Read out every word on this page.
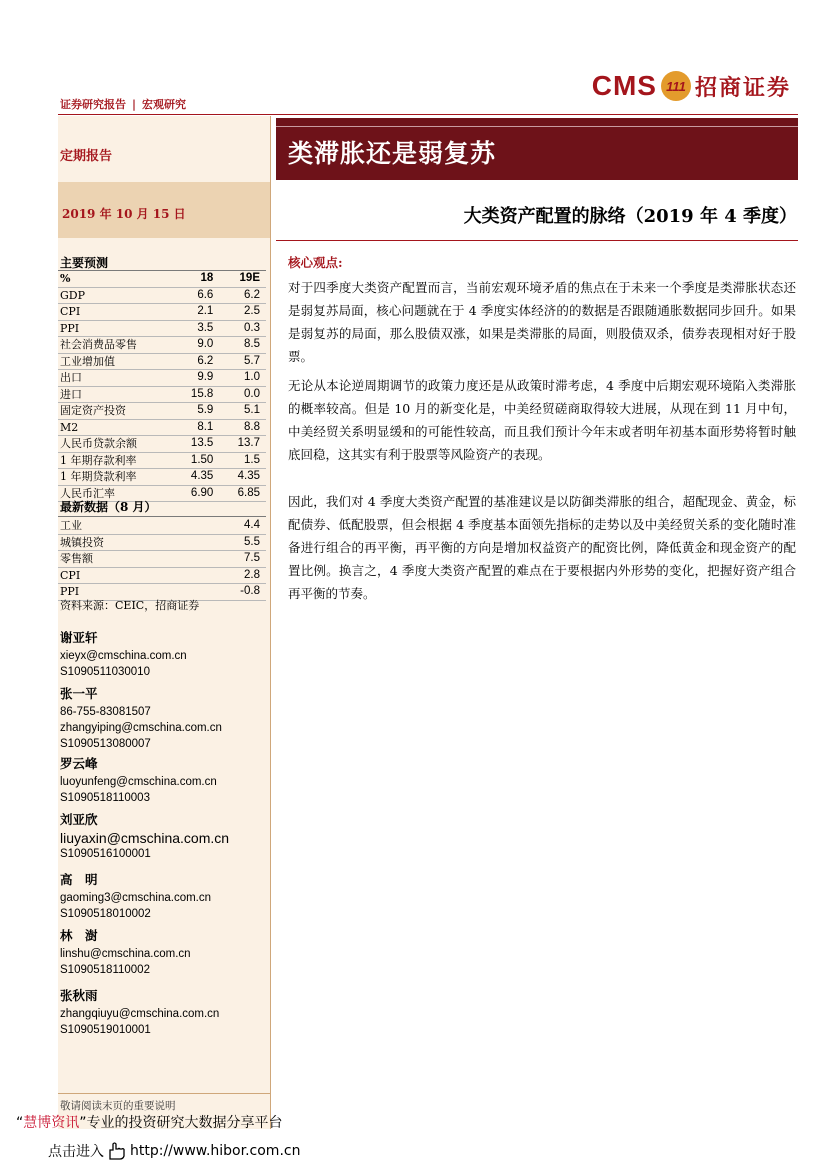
证券研究报告 | 宏观研究
CMS 111 招商证券
定期报告	类滞胀还是弱复苏
2019 年 10 月 15 日	大类资产配置的脉络（2019 年 4 季度）
主要预测
%	18	19E
GDP	6.6	6.2
CPI	2.1	2.5
PPI	3.5	0.3
社会消费品零售	9.0	8.5
工业增加值	6.2	5.7
出口	9.9	1.0
进口	15.8	0.0
固定资产投资	5.9	5.1
M2	8.1	8.8
人民币贷款余额	13.5	13.7
1 年期存款利率	1.50	1.5
1 年期贷款利率	4.35	4.35
人民币汇率	6.90	6.85
最新数据（8 月）
工业	4.4
城镇投资	5.5
零售额	7.5
CPI	2.8
PPI	-0.8
资料来源：CEIC，招商证券
谢亚轩
xieyx@cmschina.com.cn
S1090511030010
张一平
86-755-83081507
zhangyiping@cmschina.com.cn
S1090513080007
罗云峰
luoyunfeng@cmschina.com.cn
S1090518110003
刘亚欣
liuyaxin@cmschina.com.cn
S1090516100001
高　明
gaoming3@cmschina.com.cn
S1090518010002
林　澍
linshu@cmschina.com.cn
S1090518110002
张秋雨
zhangqiuyu@cmschina.com.cn
S1090519010001
核心观点:
对于四季度大类资产配置而言，当前宏观环境矛盾的焦点在于未来一个季度是类滞胀状态还是弱复苏局面，核心问题就在于 4 季度实体经济的的数据是否跟随通胀数据同步回升。如果是弱复苏的局面，那么股债双涨，如果是类滞胀的局面，则股债双杀，债券表现相对好于股票。
无论从本论逆周期调节的政策力度还是从政策时滞考虑，4 季度中后期宏观环境陷入类滞胀的概率较高。但是 10 月的新变化是，中美经贸磋商取得较大进展，从现在到 11 月中旬，中美经贸关系明显缓和的可能性较高，而且我们预计今年末或者明年初基本面形势将暂时触底回稳，这其实有利于股票等风险资产的表现。
因此，我们对 4 季度大类资产配置的基准建议是以防御类滞胀的组合，超配现金、黄金，标配债券、低配股票，但会根据 4 季度基本面领先指标的走势以及中美经贸关系的变化随时准备进行组合的再平衡，再平衡的方向是增加权益资产的配资比例，降低黄金和现金资产的配置比例。换言之，4 季度大类资产配置的难点在于要根据内外形势的变化，把握好资产组合再平衡的节奏。
敬请阅读末页的重要说明
“慧博资讯”专业的投资研究大数据分享平台
点击进入 http://www.hibor.com.cn
